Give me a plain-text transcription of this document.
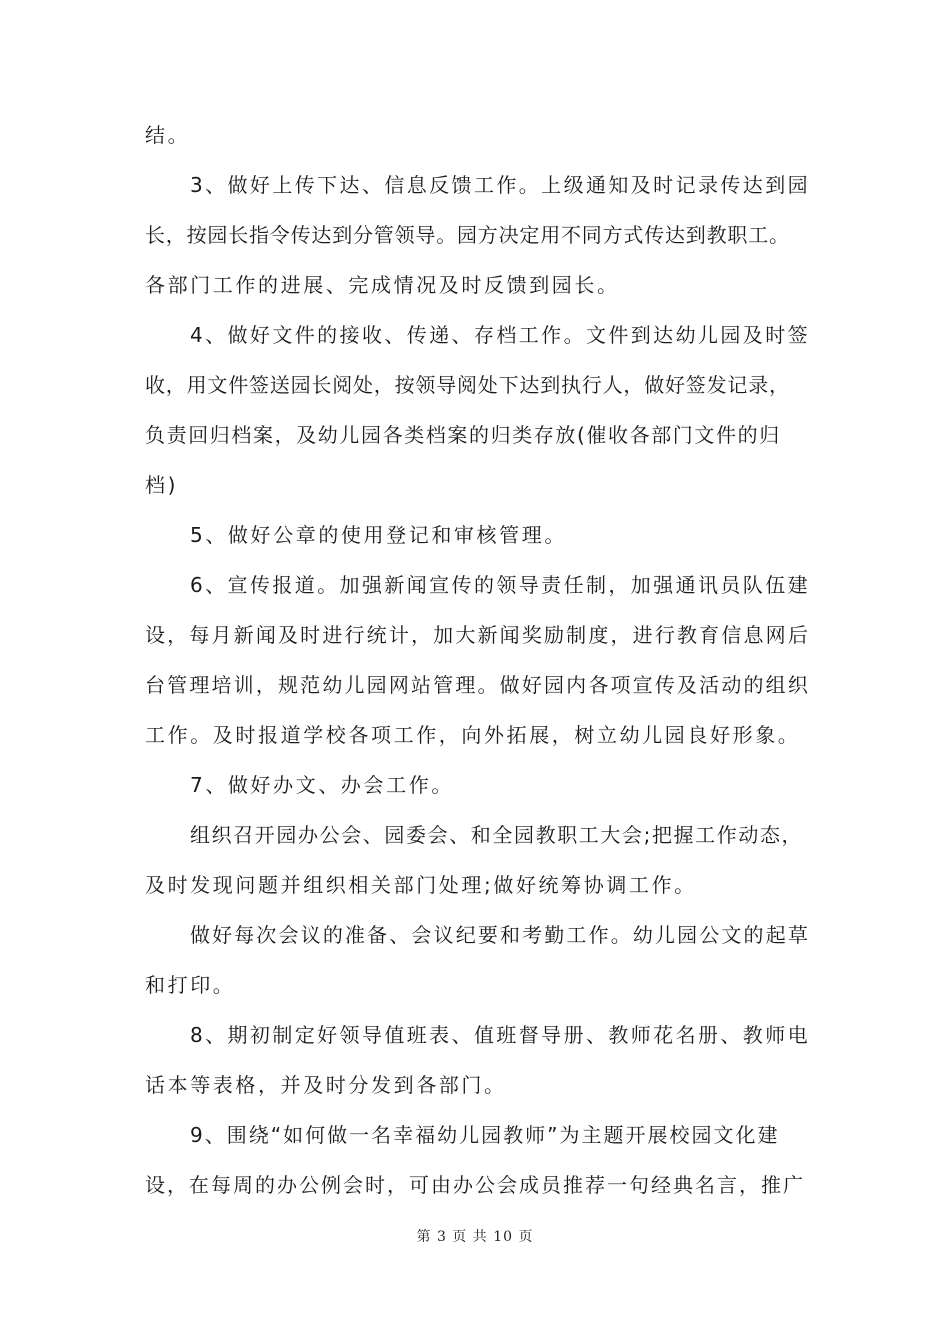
结。
3、做好上传下达、信息反馈工作。上级通知及时记录传达到园
长，按园长指令传达到分管领导。园方决定用不同方式传达到教职工。
各部门工作的进展、完成情况及时反馈到园长。
4、做好文件的接收、传递、存档工作。文件到达幼儿园及时签
收，用文件签送园长阅处，按领导阅处下达到执行人，做好签发记录，
负责回归档案，及幼儿园各类档案的归类存放(催收各部门文件的归
档)
5、做好公章的使用登记和审核管理。
6、宣传报道。加强新闻宣传的领导责任制，加强通讯员队伍建
设，每月新闻及时进行统计，加大新闻奖励制度，进行教育信息网后
台管理培训，规范幼儿园网站管理。做好园内各项宣传及活动的组织
工作。及时报道学校各项工作，向外拓展，树立幼儿园良好形象。
7、做好办文、办会工作。
组织召开园办公会、园委会、和全园教职工大会;把握工作动态，
及时发现问题并组织相关部门处理;做好统筹协调工作。
做好每次会议的准备、会议纪要和考勤工作。幼儿园公文的起草
和打印。
8、期初制定好领导值班表、值班督导册、教师花名册、教师电
话本等表格，并及时分发到各部门。
9、围绕“如何做一名幸福幼儿园教师”为主题开展校园文化建
设，在每周的办公例会时，可由办公会成员推荐一句经典名言，推广
第 3 页 共 10 页
